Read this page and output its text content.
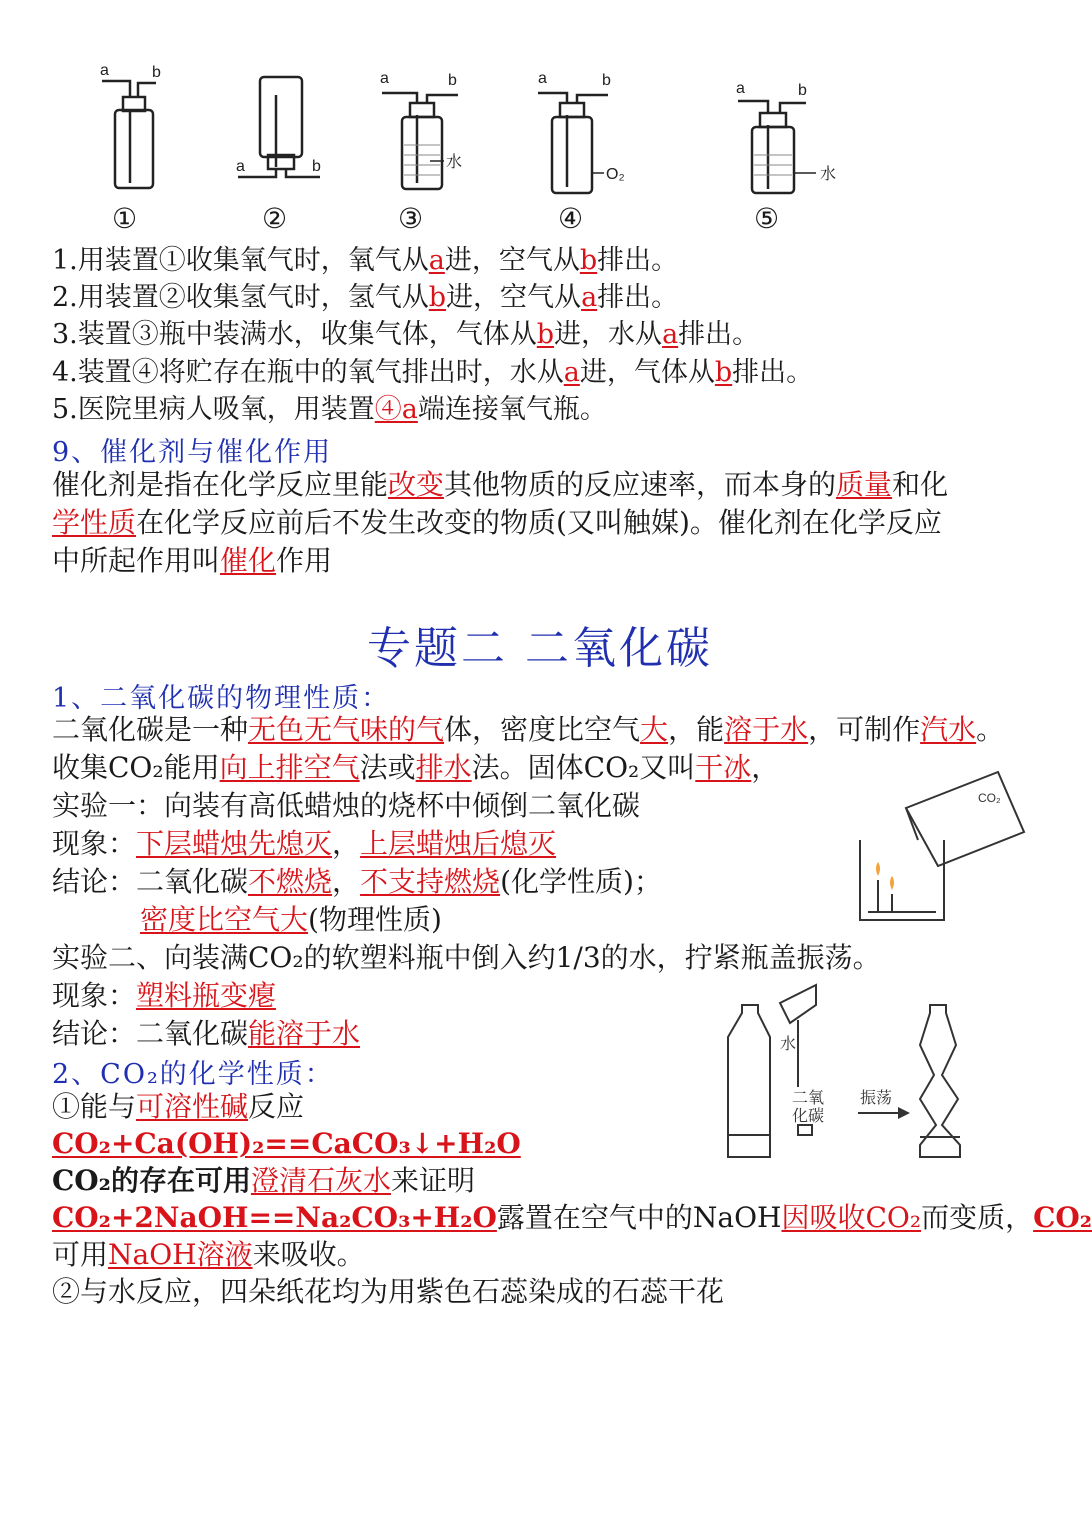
a	b
a	b
a	b	a	b	a	b
水
O₂	水
①	②	③	④	⑤
1.用装置①收集氧气时，氧气从a进，空气从b排出。
2.用装置②收集氢气时，氢气从b进，空气从a排出。
3.装置③瓶中装满水，收集气体，气体从b进，水从a排出。
4.装置④将贮存在瓶中的氧气排出时，水从a进，气体从b排出。
5.医院里病人吸氧，用装置④a端连接氧气瓶。
9、催化剂与催化作用
催化剂是指在化学反应里能改变其他物质的反应速率，而本身的质量和化
学性质在化学反应前后不发生改变的物质(又叫触媒)。催化剂在化学反应
中所起作用叫催化作用
专题二 二氧化碳
1、二氧化碳的物理性质：
二氧化碳是一种无色无气味的气体，密度比空气大，能溶于水，可制作汽水。
收集CO₂能用向上排空气法或排水法。固体CO₂又叫干冰，
实验一：向装有高低蜡烛的烧杯中倾倒二氧化碳
现象：下层蜡烛先熄灭，上层蜡烛后熄灭
结论：二氧化碳不燃烧，不支持燃烧(化学性质)；
密度比空气大(物理性质)
CO₂
实验二、向装满CO₂的软塑料瓶中倒入约1/3的水，拧紧瓶盖振荡。
现象：塑料瓶变瘪
结论：二氧化碳能溶于水	水
二氧
化碳
振荡
2、CO₂的化学性质：
①能与可溶性碱反应
CO₂+Ca(OH)₂==CaCO₃↓+H₂O
CO₂的存在可用澄清石灰水来证明
CO₂+2NaOH==Na₂CO₃+H₂O露置在空气中的NaOH因吸收CO₂而变质，CO₂
可用NaOH溶液来吸收。
②与水反应，四朵纸花均为用紫色石蕊染成的石蕊干花
